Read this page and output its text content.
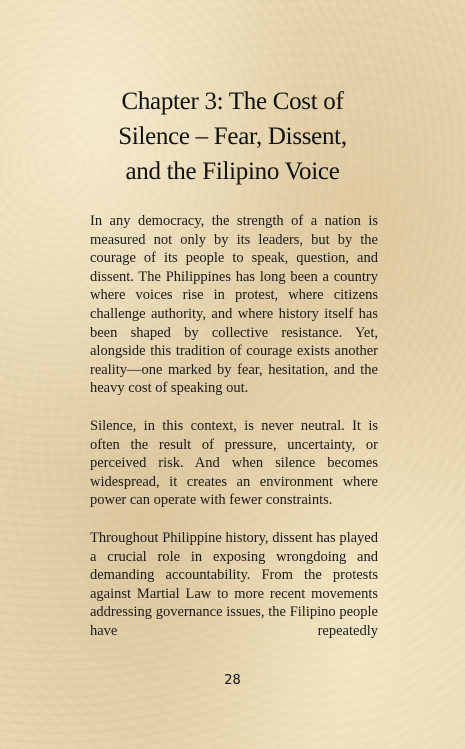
Chapter 3: The Cost of
Silence – Fear, Dissent,
and the Filipino Voice

In any democracy, the strength of a nation is measured not only by its leaders, but by the courage of its people to speak, question, and dissent. The Philippines has long been a country where voices rise in protest, where citizens challenge authority, and where history itself has been shaped by collective resistance. Yet, alongside this tradition of courage exists another reality—one marked by fear, hesitation, and the heavy cost of speaking out.

Silence, in this context, is never neutral. It is often the result of pressure, uncertainty, or perceived risk. And when silence becomes widespread, it creates an environment where power can operate with fewer constraints.

Throughout Philippine history, dissent has played a crucial role in exposing wrongdoing and demanding accountability. From the protests against Martial Law to more recent movements addressing governance issues, the Filipino people have repeatedly

28
